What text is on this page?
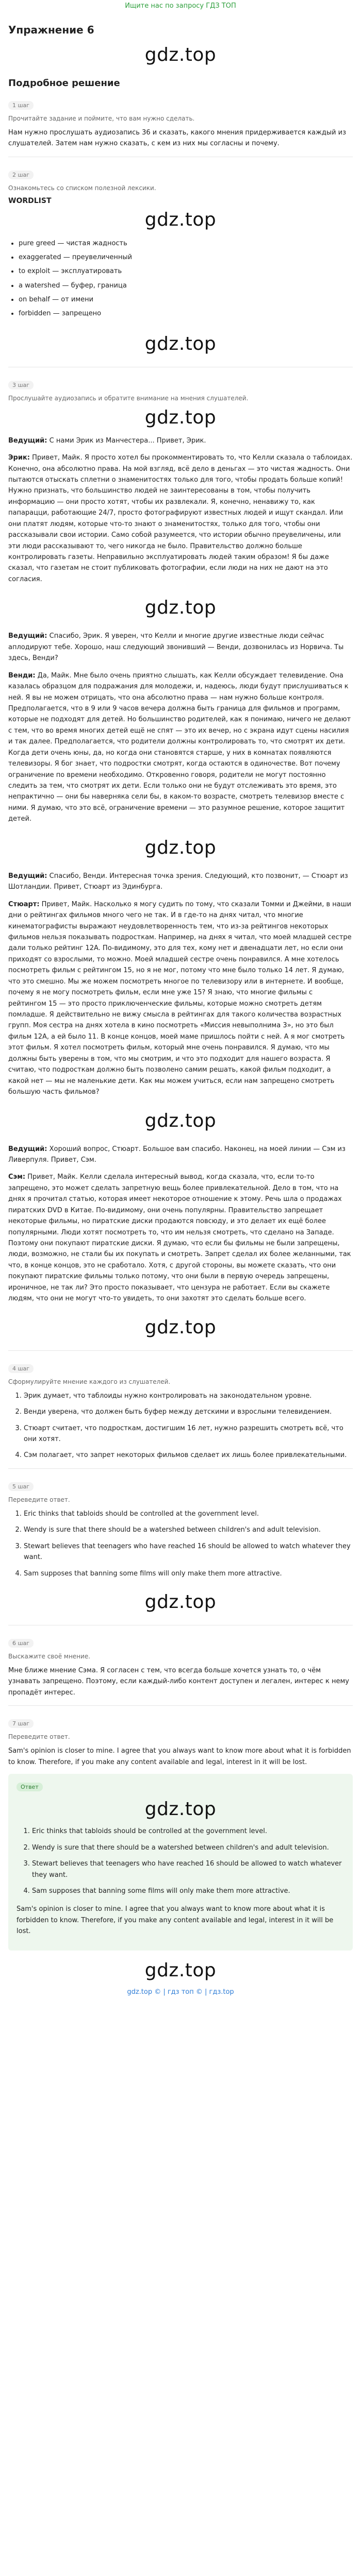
Ищите нас по запросу ГДЗ ТОП
Упражнение 6
gdz.top
Подробное решение
1 шаг
Прочитайте задание и поймите, что вам нужно сделать.
Нам нужно прослушать аудиозапись 36 и сказать, какого мнения придерживается каждый из слушателей. Затем нам нужно сказать, с кем из них мы согласны и почему.
2 шаг
Ознакомьтесь со списком полезной лексики.
WORDLIST
gdz.top
• pure greed — чистая жадность
• exaggerated — преувеличенный
• to exploit — эксплуатировать
• a watershed — буфер, граница
• on behalf — от имени
• forbidden — запрещено
gdz.top
3 шаг
Прослушайте аудиозапись и обратите внимание на мнения слушателей.
gdz.top
Ведущий: С нами Эрик из Манчестера... Привет, Эрик.
Эрик: Привет, Майк. Я просто хотел бы прокомментировать то, что Келли сказала о таблоидах. Конечно, она абсолютно права. На мой взгляд, всё дело в деньгах — это чистая жадность. Они пытаются отыскать сплетни о знаменитостях только для того, чтобы продать больше копий! Нужно признать, что большинство людей не заинтересованы в том, чтобы получить информацию — они просто хотят, чтобы их развлекали. Я, конечно, ненавижу то, как папарацци, работающие 24/7, просто фотографируют известных людей и ищут скандал. Или они платят людям, которые что-то знают о знаменитостях, только для того, чтобы они рассказывали свои истории. Само собой разумеется, что истории обычно преувеличены, или эти люди рассказывают то, чего никогда не было. Правительство должно больше контролировать газеты. Неправильно эксплуатировать людей таким образом! Я бы даже сказал, что газетам не стоит публиковать фотографии, если люди на них не дают на это согласия.
gdz.top
Ведущий: Спасибо, Эрик. Я уверен, что Келли и многие другие известные люди сейчас аплодируют тебе. Хорошо, наш следующий звонивший — Венди, дозвонилась из Норвича. Ты здесь, Венди?
Венди: Да, Майк. Мне было очень приятно слышать, как Келли обсуждает телевидение. Она казалась образцом для подражания для молодежи, и, надеюсь, люди будут прислушиваться к ней. Я вы не можем отрицать, что она абсолютно права — нам нужно больше контроля. Предполагается, что в 9 или 9 часов вечера должна быть граница для фильмов и программ, которые не подходят для детей. Но большинство родителей, как я понимаю, ничего не делают с тем, что во время многих детей ещё не спят — это их вечер, но с экрана идут сцены насилия и так далее. Предполагается, что родители должны контролировать то, что смотрят их дети. Когда дети очень юны, да, но когда они становятся старше, у них в комнатах появляются телевизоры. Я бог знает, что подростки смотрят, когда остаются в одиночестве. Вот почему ограничение по времени необходимо. Откровенно говоря, родители не могут постоянно следить за тем, что смотрят их дети. Если только они не будут отслеживать это время, это непрактично — они бы наверняка сели бы, в каком-то возрасте, смотреть телевизор вместе с ними. Я думаю, что это всё, ограничение времени — это разумное решение, которое защитит детей.
gdz.top
Ведущий: Спасибо, Венди. Интересная точка зрения. Следующий, кто позвонит, — Стюарт из Шотландии. Привет, Стюарт из Эдинбурга.
Стюарт: Привет, Майк. Насколько я могу судить по тому, что сказали Томми и Джейми, в наши дни о рейтингах фильмов много чего не так. И в где-то на днях читал, что многие кинематографисты выражают неудовлетворенность тем, что из-за рейтингов некоторых фильмов нельзя показывать подросткам. Например, на днях я читал, что моей младшей сестре дали только рейтинг 12A. По-видимому, это для тех, кому нет и двенадцати лет, но если они приходят со взрослыми, то можно. Моей младшей сестре очень понравился. А мне хотелось посмотреть фильм с рейтингом 15, но я не мог, потому что мне было только 14 лет. Я думаю, что это смешно. Мы же можем посмотреть многое по телевизору или в интернете. И вообще, почему я не могу посмотреть фильм, если мне уже 15? Я знаю, что многие фильмы с рейтингом 15 — это просто приключенческие фильмы, которые можно смотреть детям помладше. Я действительно не вижу смысла в рейтингах для такого количества возрастных групп. Моя сестра на днях хотела в кино посмотреть «Миссия невыполнима 3», но это был фильм 12A, а ей было 11. В конце концов, моей маме пришлось пойти с ней. А я мог смотреть этот фильм. Я хотел посмотреть фильм, который мне очень понравился. Я думаю, что мы должны быть уверены в том, что мы смотрим, и что это подходит для нашего возраста. Я считаю, что подросткам должно быть позволено самим решать, какой фильм подходит, а какой нет — мы не маленькие дети. Как мы можем учиться, если нам запрещено смотреть большую часть фильмов?
gdz.top
Ведущий: Хороший вопрос, Стюарт. Большое вам спасибо. Наконец, на моей линии — Сэм из Ливерпуля. Привет, Сэм.
Сэм: Привет, Майк. Келли сделала интересный вывод, когда сказала, что, если то-то запрещено, это может сделать запретную вещь более привлекательной. Дело в том, что на днях я прочитал статью, которая имеет некоторое отношение к этому. Речь шла о продажах пиратских DVD в Китае. По-видимому, они очень популярны. Правительство запрещает некоторые фильмы, но пиратские диски продаются повсюду, и это делает их ещё более популярными. Люди хотят посмотреть то, что им нельзя смотреть, что сделано на Западе. Поэтому они покупают пиратские диски. Я думаю, что если бы фильмы не были запрещены, люди, возможно, не стали бы их покупать и смотреть. Запрет сделал их более желанными, так что, в конце концов, это не сработало. Хотя, с другой стороны, вы можете сказать, что они покупают пиратские фильмы только потому, что они были в первую очередь запрещены, ироничное, не так ли? Это просто показывает, что цензура не работает. Если вы скажете людям, что они не могут что-то увидеть, то они захотят это сделать больше всего.
gdz.top
4 шаг
Сформулируйте мнение каждого из слушателей.
1. Эрик думает, что таблоиды нужно контролировать на законодательном уровне.
2. Венди уверена, что должен быть буфер между детскими и взрослыми телевидением.
3. Стюарт считает, что подросткам, достигшим 16 лет, нужно разрешить смотреть всё, что они хотят.
4. Сэм полагает, что запрет некоторых фильмов сделает их лишь более привлекательными.
5 шаг
Переведите ответ.
1. Eric thinks that tabloids should be controlled at the government level.
2. Wendy is sure that there should be a watershed between children's and adult television.
3. Stewart believes that teenagers who have reached 16 should be allowed to watch whatever they want.
4. Sam supposes that banning some films will only make them more attractive.
gdz.top
6 шаг
Выскажите своё мнение.
Мне ближе мнение Сэма. Я согласен с тем, что всегда больше хочется узнать то, о чём узнавать запрещено. Поэтому, если каждый-либо контент доступен и легален, интерес к нему пропадёт интерес.
7 шаг
Переведите ответ.
Sam's opinion is closer to mine. I agree that you always want to know more about what it is forbidden to know. Therefore, if you make any content available and legal, interest in it will be lost.
Ответ
gdz.top
1. Eric thinks that tabloids should be controlled at the government level.
2. Wendy is sure that there should be a watershed between children's and adult television.
3. Stewart believes that teenagers who have reached 16 should be allowed to watch whatever they want.
4. Sam supposes that banning some films will only make them more attractive.
Sam's opinion is closer to mine. I agree that you always want to know more about what it is forbidden to know. Therefore, if you make any content available and legal, interest in it will be lost.
gdz.top
gdz.top © | гдз топ © | гдз.top
